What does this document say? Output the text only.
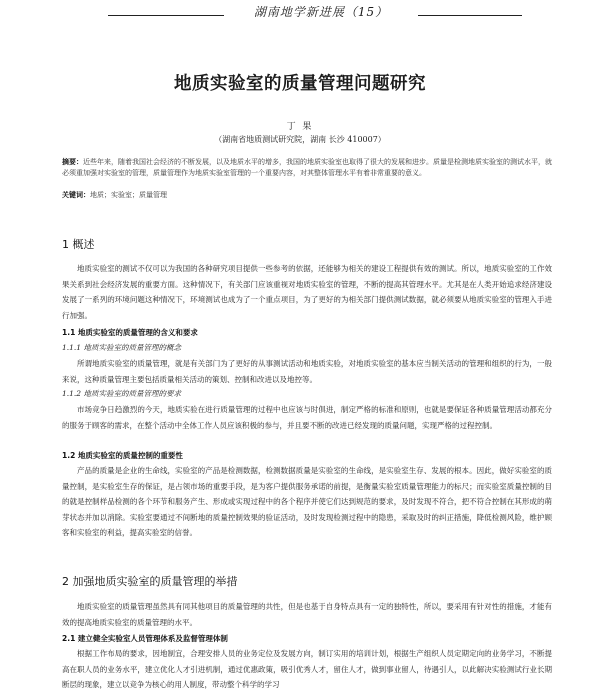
湖南地学新进展（15）
地质实验室的质量管理问题研究
丁 果
（湖南省地质测试研究院，湖南 长沙 410007）
摘要：近些年来，随着我国社会经济的不断发展，以及地质水平的增多，我国的地质实验室也取得了很大的发展和进步。质量是检测地质实验室的测试水平，就必须重加强对实验室的管理，质量管理作为地质实验室管理的一个重要内容，对其整体管理水平有着非常重要的意义。
关键词：地质；实验室；质量管理
1 概述
地质实验室的测试不仅可以为我国的各种研究项目提供一些参考的依据，还能够为相关的建设工程提供有效的测试。所以，地质实验室的工作效果关系到社会经济发展的重要方面。这种情况下，有关部门应该重视对地质实验室的管理，不断的提高其管理水平。尤其是在人类开始追求经济建设发展了一系列的环境问题这种情况下，环境测试也成为了一个重点项目，为了更好的为相关部门提供测试数据，就必须要从地质实验室的管理入手进行加强。
1.1 地质实验室的质量管理的含义和要求
1.1.1 地质实验室的质量管理的概念
所谓地质实验室的质量管理，就是有关部门为了更好的从事测试活动和地质实验，对地质实验室的基本应当制关活动的管理和组织的行为，一般来说，这种质量管理主要包括质量相关活动的策划、控制和改进以及地控等。
1.1.2 地质实验室的质量管理的要求
市场竞争日趋激烈的今天，地质实验在进行质量管理的过程中也应该与时俱进，制定严格的标准和原则，也就是要保证各种质量管理活动都充分的服务于顾客的需求，在整个活动中全体工作人员应该积极的参与，并且要不断的改进已经发现的质量问题，实现严格的过程控制。
1.2 地质实验室的质量控制的重要性
产品的质量是企业的生命线，实验室的产品是检测数据，检测数据质量是实验室的生命线，是实验室生存、发展的根本。因此，做好实验室的质量控制，是实验室生存的保证，是占领市场的重要手段，是为客户提供服务承诺的前提，是衡量实验室质量管理能力的标尺；而实验室质量控制的目的就是控制样品检测的各个环节和服务产生、形成或实现过程中的各个程序并使它们达到规范的要求，及时发现不符合，把不符合控制在其形成的萌芽状态并加以消除。实验室要通过不间断地的质量控制效果的验证活动，及时发现检测过程中的隐患，采取及时的纠正措施，降低检测风险，维护顾客和实验室的利益，提高实验室的信誉。
2 加强地质实验室的质量管理的举措
地质实验室的质量管理虽然具有同其他项目的质量管理的共性，但是也基于自身特点具有一定的独特性，所以，要采用有针对性的措施，才能有效的提高地质实验室的质量管理的水平。
2.1 建立健全实验室人员管理体系及监督管理体制
根据工作布局的要求，因地制宜，合理安排人员的业务定位及发展方向，制订实用的培训计划，根据生产组织人员定期定向的业务学习，不断提高在职人员的业务水平，建立优化人才引进机制，通过优惠政策，吸引优秀人才，留住人才，做到事业留人，待遇引人，以此解决实验测试行业长期断层的现象，建立以竞争为核心的用人制度，带动整个科学的学习
